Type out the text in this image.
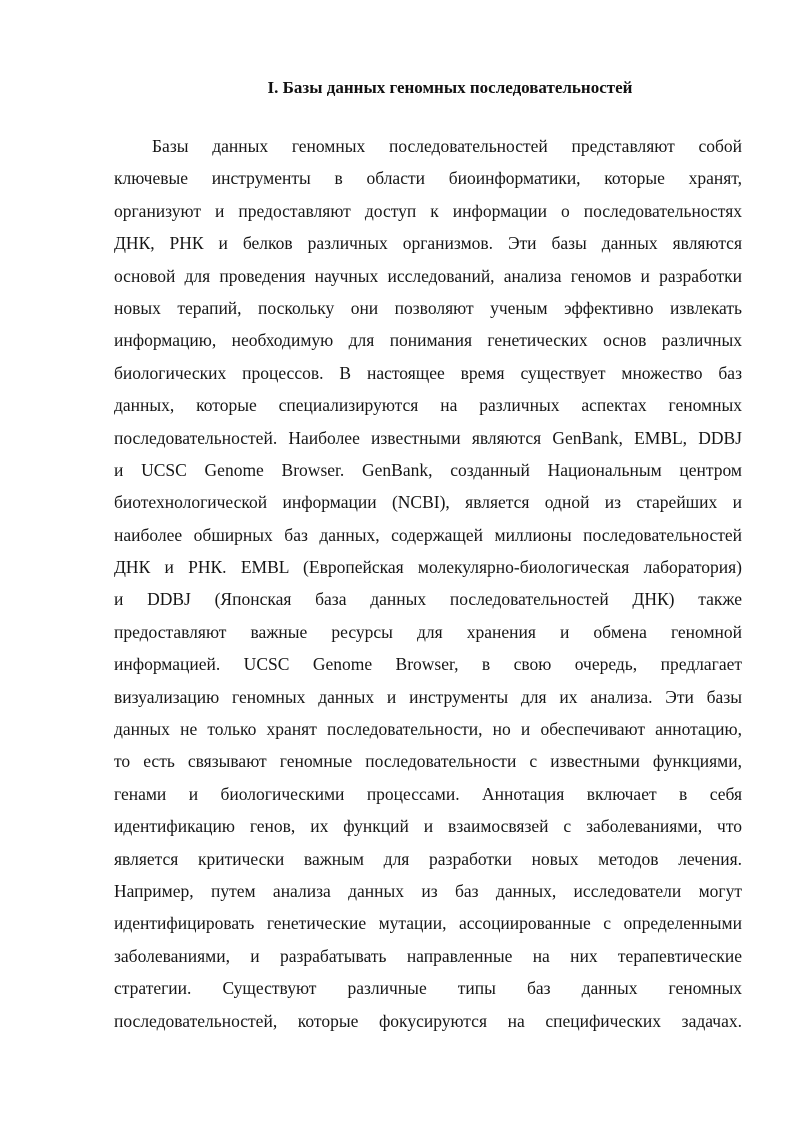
I. Базы данных геномных последовательностей
Базы данных геномных последовательностей представляют собой
ключевые инструменты в области биоинформатики, которые хранят,
организуют и предоставляют доступ к информации о последовательностях
ДНК, РНК и белков различных организмов. Эти базы данных являются
основой для проведения научных исследований, анализа геномов и разработки
новых терапий, поскольку они позволяют ученым эффективно извлекать
информацию, необходимую для понимания генетических основ различных
биологических процессов. В настоящее время существует множество баз
данных, которые специализируются на различных аспектах геномных
последовательностей. Наиболее известными являются GenBank, EMBL, DDBJ
и UCSC Genome Browser. GenBank, созданный Национальным центром
биотехнологической информации (NCBI), является одной из старейших и
наиболее обширных баз данных, содержащей миллионы последовательностей
ДНК и РНК. EMBL (Европейская молекулярно-биологическая лаборатория)
и DDBJ (Японская база данных последовательностей ДНК) также
предоставляют важные ресурсы для хранения и обмена геномной
информацией. UCSC Genome Browser, в свою очередь, предлагает
визуализацию геномных данных и инструменты для их анализа. Эти базы
данных не только хранят последовательности, но и обеспечивают аннотацию,
то есть связывают геномные последовательности с известными функциями,
генами и биологическими процессами. Аннотация включает в себя
идентификацию генов, их функций и взаимосвязей с заболеваниями, что
является критически важным для разработки новых методов лечения.
Например, путем анализа данных из баз данных, исследователи могут
идентифицировать генетические мутации, ассоциированные с определенными
заболеваниями, и разрабатывать направленные на них терапевтические
стратегии. Существуют различные типы баз данных геномных
последовательностей, которые фокусируются на специфических задачах.
